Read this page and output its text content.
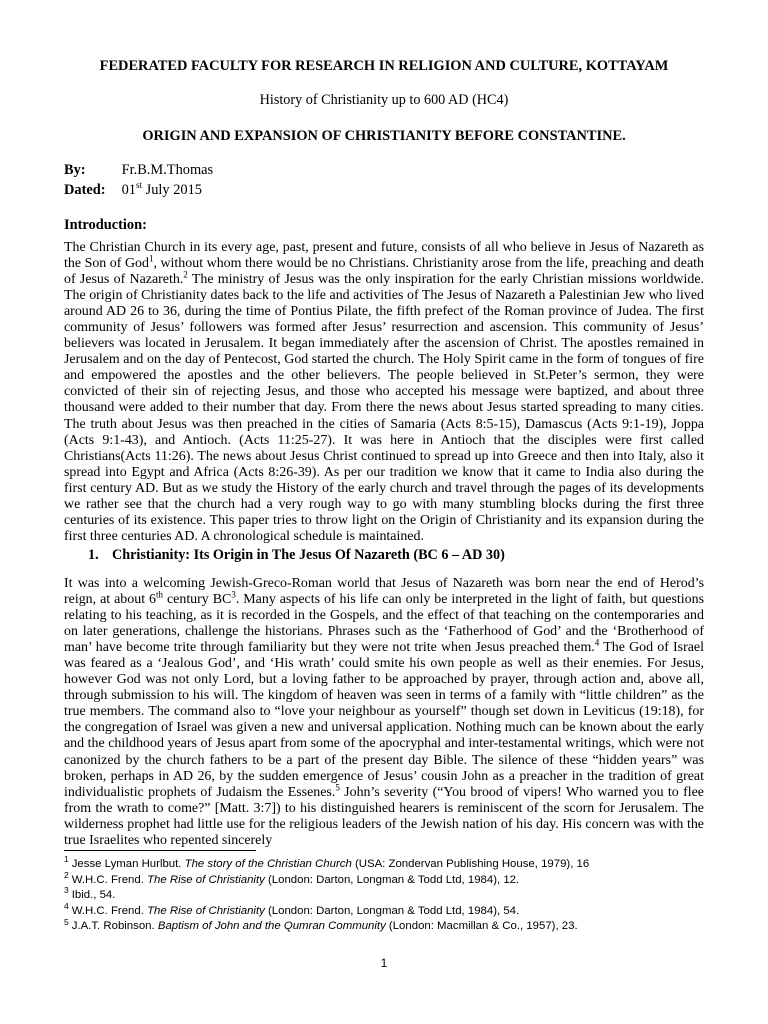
FEDERATED FACULTY FOR RESEARCH IN RELIGION AND CULTURE, KOTTAYAM
History of Christianity up to 600 AD (HC4)
ORIGIN AND EXPANSION OF CHRISTIANITY BEFORE CONSTANTINE.
By:	Fr.B.M.Thomas
Dated: 01st July 2015
Introduction:

The Christian Church in its every age, past, present and future, consists of all who believe in Jesus of Nazareth as the Son of God$^1$, without whom there would be no Christians. Christianity arose from the life, preaching and death of Jesus of Nazareth.$^2$ The ministry of Jesus was the only inspiration for the early Christian missions worldwide. The origin of Christianity dates back to the life and activities of The Jesus of Nazareth a Palestinian Jew who lived around AD 26 to 36, during the time of Pontius Pilate, the fifth prefect of the Roman province of Judea. The first community of Jesus’ followers was formed after Jesus’ resurrection and ascension. This community of Jesus’ believers was located in Jerusalem. It began immediately after the ascension of Christ. The apostles remained in Jerusalem and on the day of Pentecost, God started the church. The Holy Spirit came in the form of tongues of fire and empowered the apostles and the other believers. The people believed in St.Peter’s sermon, they were convicted of their sin of rejecting Jesus, and those who accepted his message were baptized, and about three thousand were added to their number that day. From there the news about Jesus started spreading to many cities. The truth about Jesus was then preached in the cities of Samaria (Acts 8:5-15), Damascus (Acts 9:1-19), Joppa (Acts 9:1-43), and Antioch. (Acts 11:25-27). It was here in Antioch that the disciples were first called Christians(Acts 11:26). The news about Jesus Christ continued to spread up into Greece and then into Italy, also it spread into Egypt and Africa (Acts 8:26-39). As per our tradition we know that it came to India also during the first century AD. But as we study the History of the early church and travel through the pages of its developments we rather see that the church had a very rough way to go with many stumbling blocks during the first three centuries of its existence. This paper tries to throw light on the Origin of Christianity and its expansion during the first three centuries AD. A chronological schedule is maintained.

1. Christianity: Its Origin in The Jesus Of Nazareth (BC 6 – AD 30)

It was into a welcoming Jewish-Greco-Roman world that Jesus of Nazareth was born near the end of Herod’s reign, at about 6th century $BC^3$. Many aspects of his life can only be interpreted in the light of faith, but questions relating to his teaching, as it is recorded in the Gospels, and the effect of that teaching on the contemporaries and on later generations, challenge the historians. Phrases such as the ‘Fatherhood of God’ and the ‘Brotherhood of man’ have become trite through familiarity but they were not trite when Jesus preached them.$^4$ The God of Israel was feared as a ‘Jealous God’, and ‘His wrath’ could smite his own people as well as their enemies. For Jesus, however God was not only Lord, but a loving father to be approached by prayer, through action and, above all, through submission to his will. The kingdom of heaven was seen in terms of a family with “little children” as the true members. The command also to “love your neighbour as yourself” though set down in Leviticus (19:18), for the congregation of Israel was given a new and universal application. Nothing much can be known about the early and the childhood years of Jesus apart from some of the apocryphal and inter-testamental writings, which were not canonized by the church fathers to be a part of the present day Bible. The silence of these “hidden years” was broken, perhaps in AD 26, by the sudden emergence of Jesus’ cousin John as a preacher in the tradition of great individualistic prophets of Judaism the Essenes.$^5$ John’s severity (“You brood of vipers! Who warned you to flee from the wrath to come?” [Matt. 3:7]) to his distinguished hearers is reminiscent of the scorn for Jerusalem. The wilderness prophet had little use for the religious leaders of the Jewish nation of his day. His concern was with the true Israelites who repented sincerely

$^1$ Jesse Lyman Hurlbut. The story of the Christian Church (USA: Zondervan Publishing House, 1979), 16
$^2$ W.H.C. Frend. The Rise of Christianity (London: Darton, Longman & Todd Ltd, 1984), 12.
$^3$ Ibid., 54.
$^4$ W.H.C. Frend. The Rise of Christianity (London: Darton, Longman & Todd Ltd, 1984), 54.
$^5$ J.A.T. Robinson. Baptism of John and the Qumran Community (London: Macmillan & Co., 1957), 23.
1
